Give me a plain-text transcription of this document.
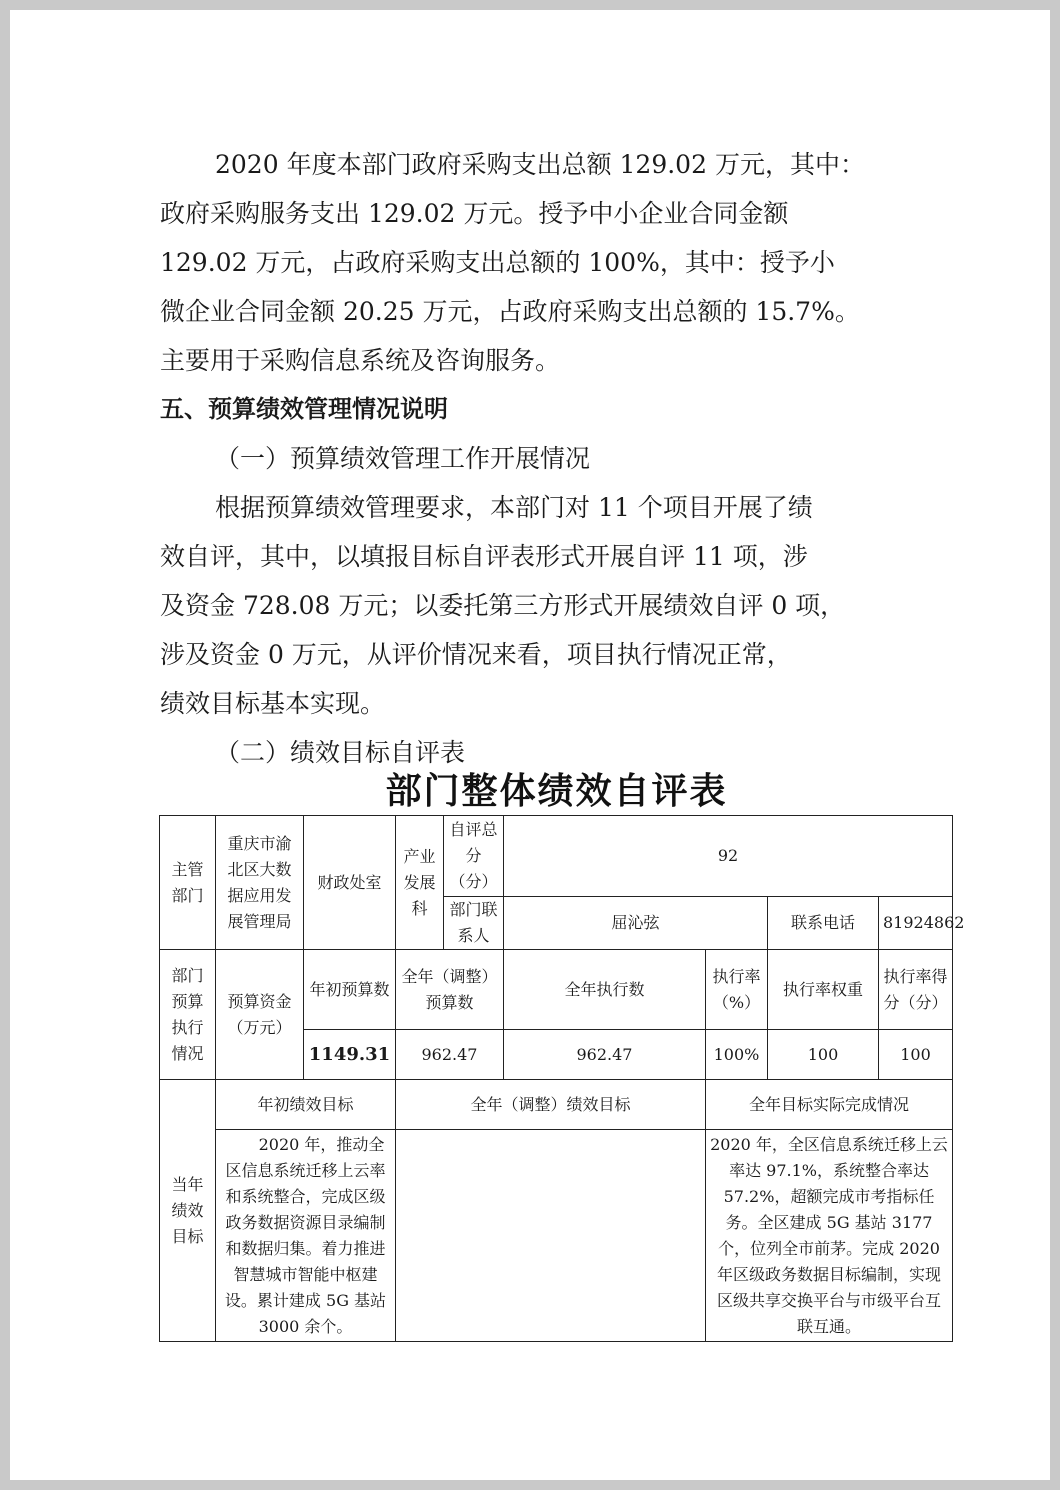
2020 年度本部门政府采购支出总额 129.02 万元，其中：
政府采购服务支出 129.02 万元。授予中小企业合同金额
129.02 万元，占政府采购支出总额的 100%，其中：授予小
微企业合同金额 20.25 万元，占政府采购支出总额的 15.7%。
主要用于采购信息系统及咨询服务。
五、预算绩效管理情况说明
（一）预算绩效管理工作开展情况
根据预算绩效管理要求，本部门对 11 个项目开展了绩
效自评，其中，以填报目标自评表形式开展自评 11 项，涉
及资金 728.08 万元；以委托第三方形式开展绩效自评 0 项，
涉及资金 0 万元，从评价情况来看，项目执行情况正常，
绩效目标基本实现。
（二）绩效目标自评表
部门整体绩效自评表
主管部门	重庆市渝北区大数据应用发展管理局	财政处室	产业发展科	自评总分（分）	92			
				部门联系人	屈沁弦		联系电话	81924862
部门预算执行情况	预算资金（万元）	年初预算数	全年（调整）预算数		全年执行数	执行率（%）	执行率权重	执行率得分（分）
		1149.31	962.47		962.47	100%	100	100
当年绩效目标	年初绩效目标		全年（调整）绩效目标			全年目标实际完成情况		
	2020 年，推动全区信息系统迁移上云率和系统整合，完成区级政务数据资源目录编制和数据归集。着力推进智慧城市智能中枢建设。累计建成 5G 基站 3000 余个。					2020 年，全区信息系统迁移上云率达 97.1%，系统整合率达 57.2%，超额完成市考指标任务。全区建成 5G 基站 3177 个，位列全市前茅。完成 2020 年区级政务数据目标编制，实现区级共享交换平台与市级平台互联互通。		
